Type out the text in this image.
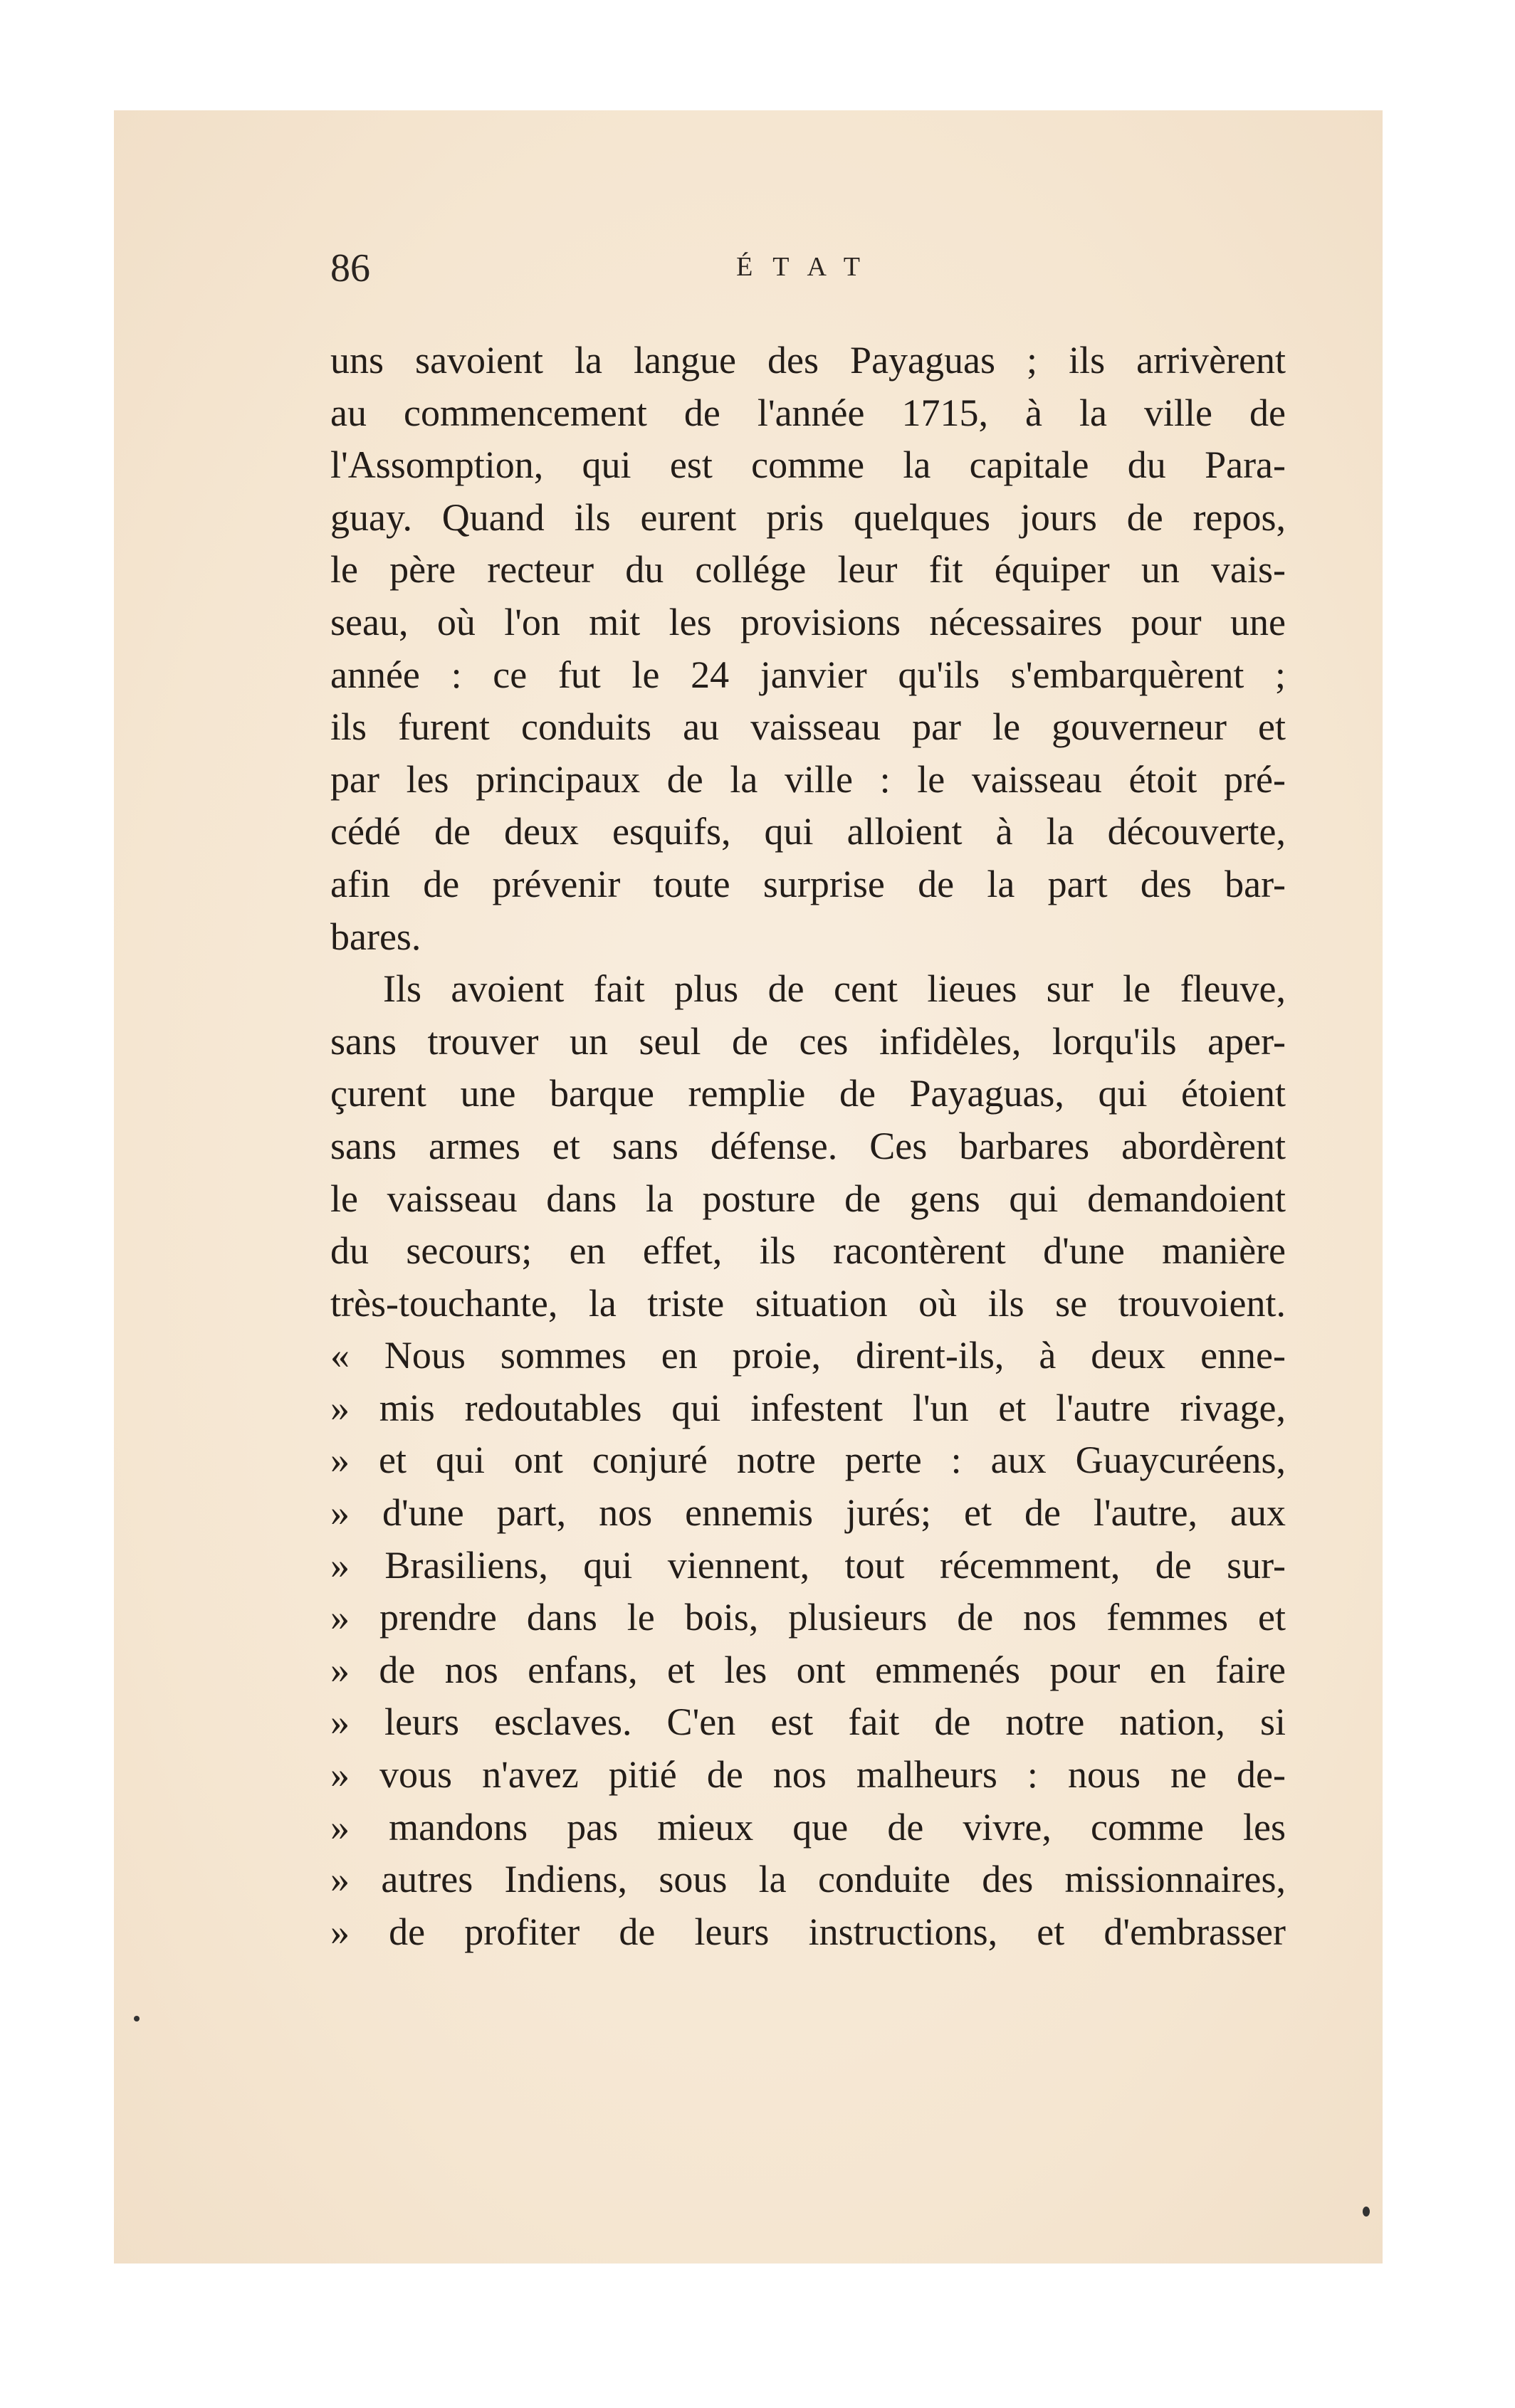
86	ÉTAT
uns savoient la langue des Payaguas ; ils arrivèrent
au commencement de l'année 1715, à la ville de
l'Assomption, qui est comme la capitale du Para-
guay. Quand ils eurent pris quelques jours de repos,
le père recteur du collége leur fit équiper un vais-
seau, où l'on mit les provisions nécessaires pour une
année : ce fut le 24 janvier qu'ils s'embarquèrent ;
ils furent conduits au vaisseau par le gouverneur et
par les principaux de la ville : le vaisseau étoit pré-
cédé de deux esquifs, qui alloient à la découverte,
afin de prévenir toute surprise de la part des bar-
bares.
Ils avoient fait plus de cent lieues sur le fleuve,
sans trouver un seul de ces infidèles, lorqu'ils aper-
çurent une barque remplie de Payaguas, qui étoient
sans armes et sans défense. Ces barbares abordèrent
le vaisseau dans la posture de gens qui demandoient
du secours; en effet, ils racontèrent d'une manière
très-touchante, la triste situation où ils se trouvoient.
« Nous sommes en proie, dirent-ils, à deux enne-
» mis redoutables qui infestent l'un et l'autre rivage,
» et qui ont conjuré notre perte : aux Guaycuréens,
» d'une part, nos ennemis jurés; et de l'autre, aux
» Brasiliens, qui viennent, tout récemment, de sur-
» prendre dans le bois, plusieurs de nos femmes et
» de nos enfans, et les ont emmenés pour en faire
» leurs esclaves. C'en est fait de notre nation, si
» vous n'avez pitié de nos malheurs : nous ne de-
» mandons pas mieux que de vivre, comme les
» autres Indiens, sous la conduite des missionnaires,
» de profiter de leurs instructions, et d'embrasser
